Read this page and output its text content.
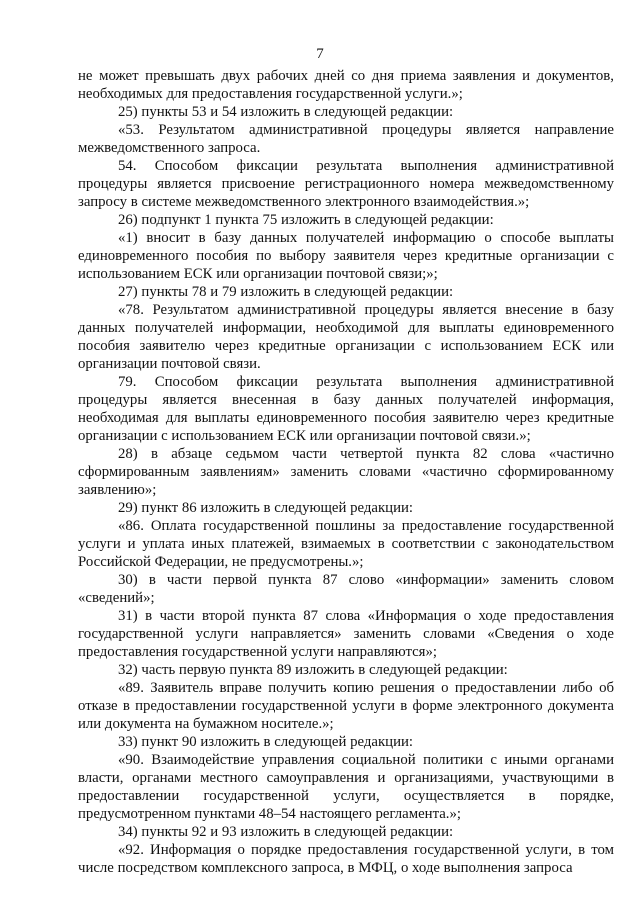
7

не может превышать двух рабочих дней со дня приема заявления и документов, необходимых для предоставления государственной услуги.»;

25) пункты 53 и 54 изложить в следующей редакции:

«53. Результатом административной процедуры является направление межведомственного запроса.

54. Способом фиксации результата выполнения административной процедуры является присвоение регистрационного номера межведомственному запросу в системе межведомственного электронного взаимодействия.»;

26) подпункт 1 пункта 75 изложить в следующей редакции:

«1) вносит в базу данных получателей информацию о способе выплаты единовременного пособия по выбору заявителя через кредитные организации с использованием ЕСК или организации почтовой связи;»;

27) пункты 78 и 79 изложить в следующей редакции:

«78. Результатом административной процедуры является внесение в базу данных получателей информации, необходимой для выплаты единовременного пособия заявителю через кредитные организации с использованием ЕСК или организации почтовой связи.

79. Способом фиксации результата выполнения административной процедуры является внесенная в базу данных получателей информация, необходимая для выплаты единовременного пособия заявителю через кредитные организации с использованием ЕСК или организации почтовой связи.»;

28) в абзаце седьмом части четвертой пункта 82 слова «частично сформированным заявлениям» заменить словами «частично сформированному заявлению»;

29) пункт 86 изложить в следующей редакции:

«86. Оплата государственной пошлины за предоставление государственной услуги и уплата иных платежей, взимаемых в соответствии с законодательством Российской Федерации, не предусмотрены.»;

30) в части первой пункта 87 слово «информации» заменить словом «сведений»;

31) в части второй пункта 87 слова «Информация о ходе предоставления государственной услуги направляется» заменить словами «Сведения о ходе предоставления государственной услуги направляются»;

32) часть первую пункта 89 изложить в следующей редакции:

«89. Заявитель вправе получить копию решения о предоставлении либо об отказе в предоставлении государственной услуги в форме электронного документа или документа на бумажном носителе.»;

33) пункт 90 изложить в следующей редакции:

«90. Взаимодействие управления социальной политики с иными органами власти, органами местного самоуправления и организациями, участвующими в предоставлении государственной услуги, осуществляется в порядке, предусмотренном пунктами 48–54 настоящего регламента.»;

34) пункты 92 и 93 изложить в следующей редакции:

«92. Информация о порядке предоставления государственной услуги, в том числе посредством комплексного запроса, в МФЦ, о ходе выполнения запроса
